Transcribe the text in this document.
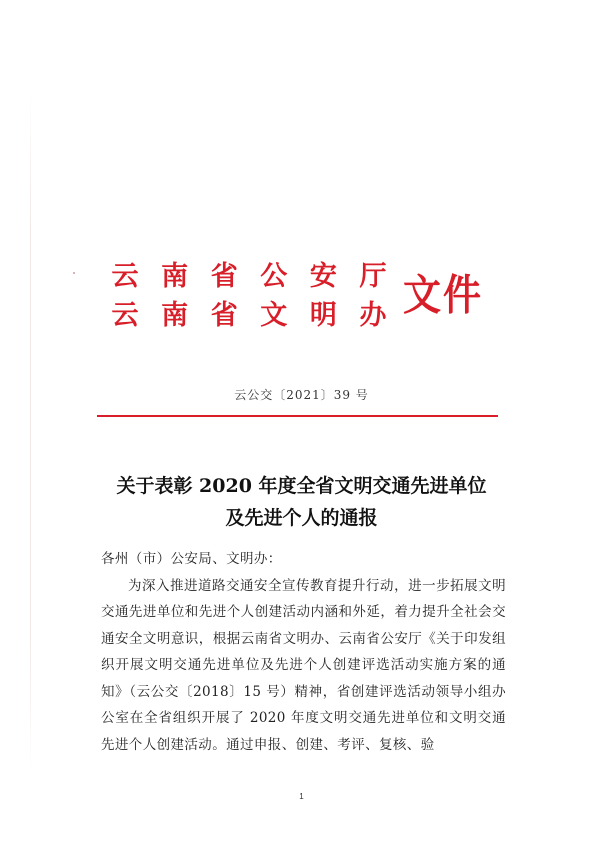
云 南 省 公 安 厅
云 南 省 文 明 办 文件
云公交〔2021〕39 号
关于表彰 2020 年度全省文明交通先进单位
及先进个人的通报

各州（市）公安局、文明办：

为深入推进道路交通安全宣传教育提升行动，进一步拓展文明交通先进单位和先进个人创建活动内涵和外延，着力提升全社会交通安全文明意识，根据云南省文明办、云南省公安厅《关于印发组织开展文明交通先进单位及先进个人创建评选活动实施方案的通知》（云公交〔2018〕15 号）精神，省创建评选活动领导小组办公室在全省组织开展了 2020 年度文明交通先进单位和文明交通先进个人创建活动。通过申报、创建、考评、复核、验

1
